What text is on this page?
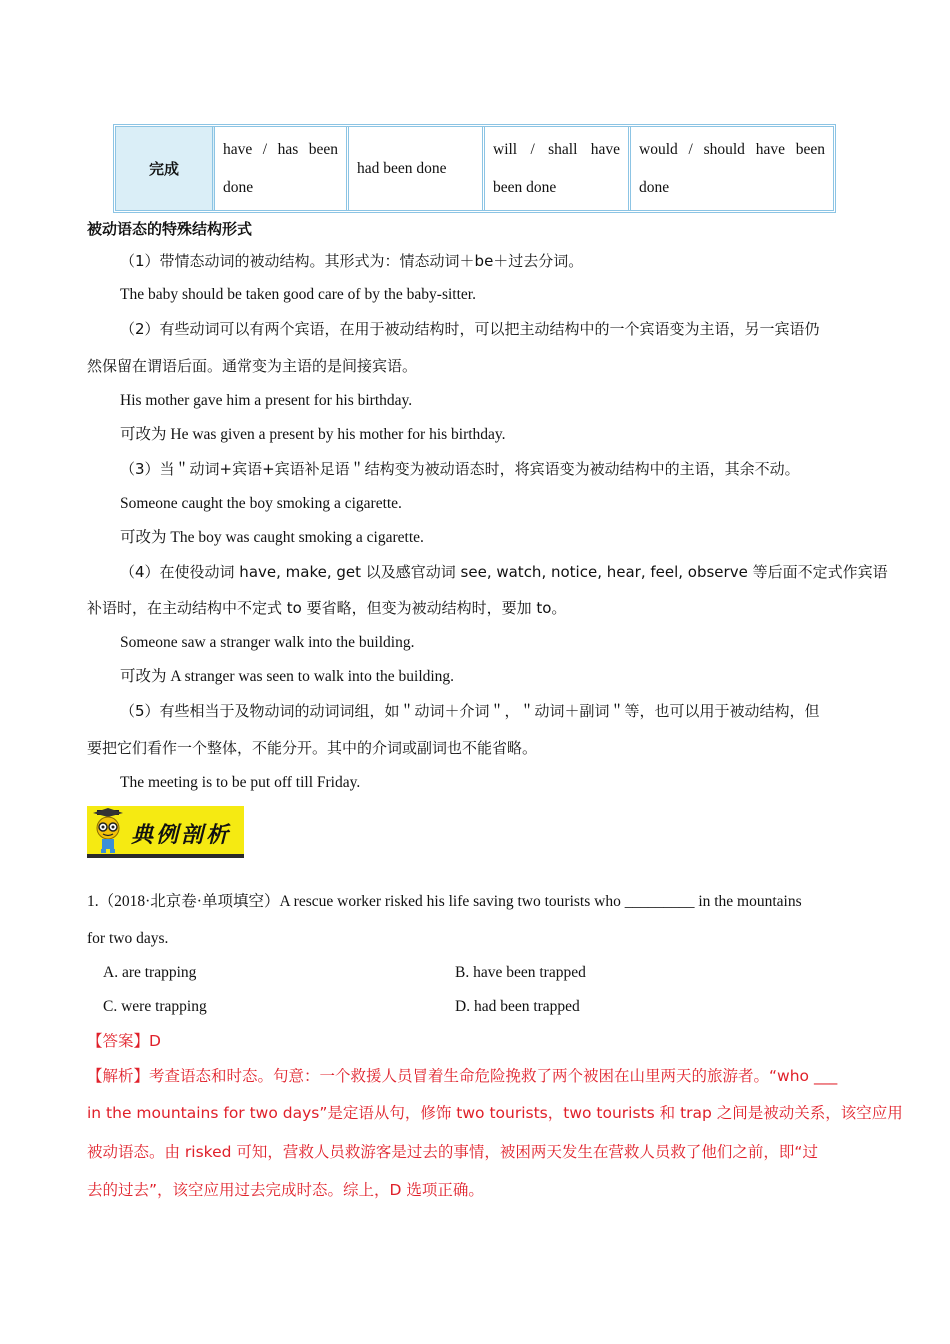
完成
have / has been done
had been done
will / shall have been done
would / should have been done
被动语态的特殊结构形式
（1）带情态动词的被动结构。其形式为：情态动词＋be＋过去分词。
The baby should be taken good care of by the baby-sitter.
（2）有些动词可以有两个宾语，在用于被动结构时，可以把主动结构中的一个宾语变为主语，另一宾语仍
然保留在谓语后面。通常变为主语的是间接宾语。
His mother gave him a present for his birthday.
可改为 He was given a present by his mother for his birthday.
（3）当＂动词+宾语+宾语补足语＂结构变为被动语态时，将宾语变为被动结构中的主语，其余不动。
Someone caught the boy smoking a cigarette.
可改为 The boy was caught smoking a cigarette.
（4）在使役动词 have, make, get 以及感官动词 see, watch, notice, hear, feel, observe 等后面不定式作宾语
补语时，在主动结构中不定式 to 要省略，但变为被动结构时，要加 to。
Someone saw a stranger walk into the building.
可改为 A stranger was seen to walk into the building.
（5）有些相当于及物动词的动词词组，如＂动词＋介词＂，＂动词＋副词＂等，也可以用于被动结构，但
要把它们看作一个整体，不能分开。其中的介词或副词也不能省略。
The meeting is to be put off till Friday.
典例剖析
1.（2018·北京卷·单项填空）A rescue worker risked his life saving two tourists who _________ in the mountains
for two days.
A. are trapping	B. have been trapped
C. were trapping	D. had been trapped
【答案】D
【解析】考查语态和时态。句意：一个救援人员冒着生命危险挽救了两个被困在山里两天的旅游者。“who ___
in the mountains for two days”是定语从句，修饰 two tourists，two tourists 和 trap 之间是被动关系，该空应用
被动语态。由 risked 可知，营救人员救游客是过去的事情，被困两天发生在营救人员救了他们之前，即“过
去的过去”，该空应用过去完成时态。综上，D 选项正确。
